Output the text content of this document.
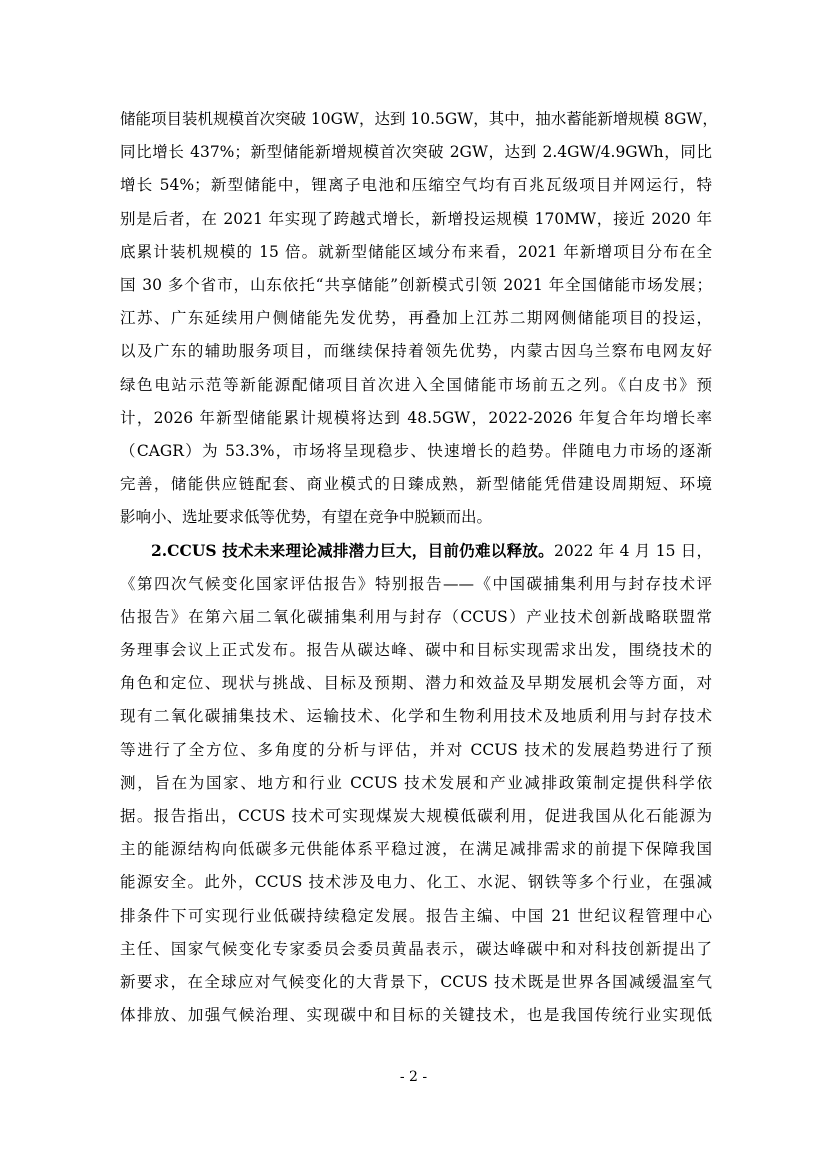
储能项目装机规模首次突破 10GW，达到 10.5GW，其中，抽水蓄能新增规模 8GW，
同比增长 437%；新型储能新增规模首次突破 2GW，达到 2.4GW/4.9GWh，同比
增长 54%；新型储能中，锂离子电池和压缩空气均有百兆瓦级项目并网运行，特
别是后者，在 2021 年实现了跨越式增长，新增投运规模 170MW，接近 2020 年
底累计装机规模的 15 倍。就新型储能区域分布来看，2021 年新增项目分布在全
国 30 多个省市，山东依托“共享储能”创新模式引领 2021 年全国储能市场发展；
江苏、广东延续用户侧储能先发优势，再叠加上江苏二期网侧储能项目的投运，
以及广东的辅助服务项目，而继续保持着领先优势，内蒙古因乌兰察布电网友好
绿色电站示范等新能源配储项目首次进入全国储能市场前五之列。《白皮书》预
计，2026 年新型储能累计规模将达到 48.5GW，2022-2026 年复合年均增长率
（CAGR）为 53.3%，市场将呈现稳步、快速增长的趋势。伴随电力市场的逐渐
完善，储能供应链配套、商业模式的日臻成熟，新型储能凭借建设周期短、环境
影响小、选址要求低等优势，有望在竞争中脱颖而出。
2.CCUS 技术未来理论减排潜力巨大，目前仍难以释放。2022 年 4 月 15 日，
《第四次气候变化国家评估报告》特别报告——《中国碳捕集利用与封存技术评
估报告》在第六届二氧化碳捕集利用与封存（CCUS）产业技术创新战略联盟常
务理事会议上正式发布。报告从碳达峰、碳中和目标实现需求出发，围绕技术的
角色和定位、现状与挑战、目标及预期、潜力和效益及早期发展机会等方面，对
现有二氧化碳捕集技术、运输技术、化学和生物利用技术及地质利用与封存技术
等进行了全方位、多角度的分析与评估，并对 CCUS 技术的发展趋势进行了预
测，旨在为国家、地方和行业 CCUS 技术发展和产业减排政策制定提供科学依
据。报告指出，CCUS 技术可实现煤炭大规模低碳利用，促进我国从化石能源为
主的能源结构向低碳多元供能体系平稳过渡，在满足减排需求的前提下保障我国
能源安全。此外，CCUS 技术涉及电力、化工、水泥、钢铁等多个行业，在强减
排条件下可实现行业低碳持续稳定发展。报告主编、中国 21 世纪议程管理中心
主任、国家气候变化专家委员会委员黄晶表示，碳达峰碳中和对科技创新提出了
新要求，在全球应对气候变化的大背景下，CCUS 技术既是世界各国减缓温室气
体排放、加强气候治理、实现碳中和目标的关键技术，也是我国传统行业实现低
- 2 -
